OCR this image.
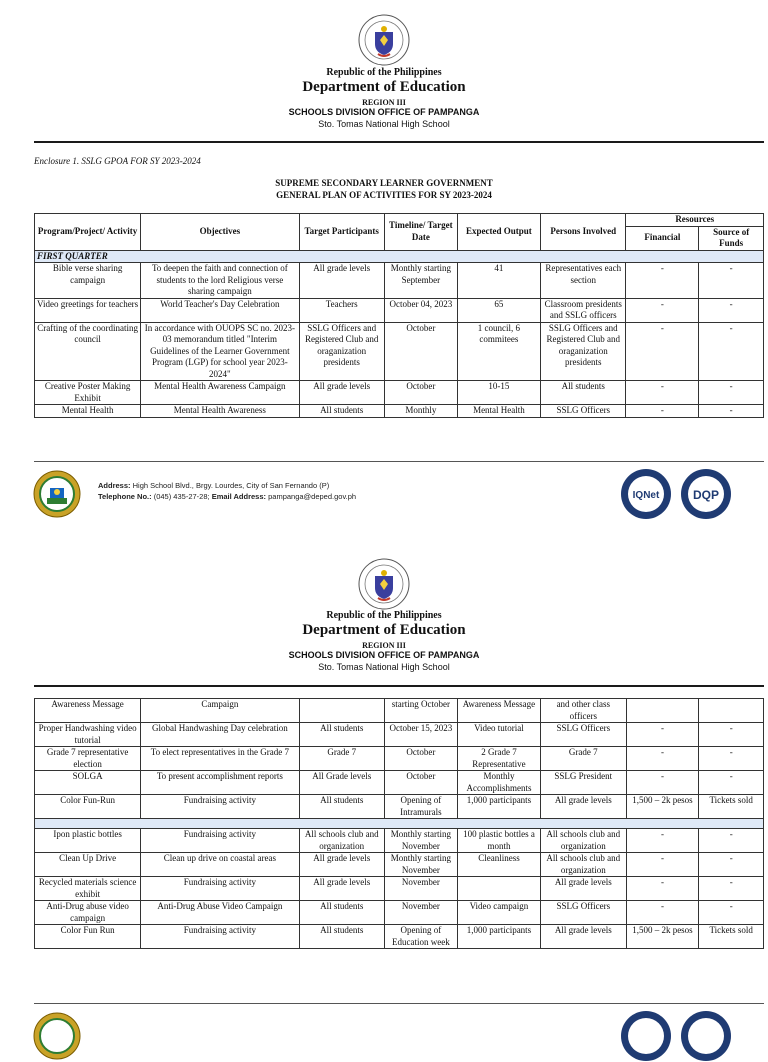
Republic of the Philippines
Department of Education
REGION III
SCHOOLS DIVISION OFFICE OF PAMPANGA
Sto. Tomas National High School
Enclosure 1. SSLG GPOA FOR SY 2023-2024
SUPREME SECONDARY LEARNER GOVERNMENT
GENERAL PLAN OF ACTIVITIES FOR SY 2023-2024
Program/Project/ Activity	Objectives	Target Participants	Timeline/ Target Date	Expected Output	Persons Involved	Resources	
						Financial	Source of Funds
FIRST QUARTER							
Bible verse sharing campaign	To deepen the faith and connection of students to the lord Religious verse sharing campaign	All grade levels	Monthly starting September	41	Representatives each section	-	-
Video greetings for teachers	World Teacher's Day Celebration	Teachers	October 04, 2023	65	Classroom presidents and SSLG officers	-	-
Crafting of the coordinating council	In accordance with OUOPS SC no. 2023-03 memorandum titled "Interim Guidelines of the Learner Government Program (LGP) for school year 2023-2024"	SSLG Officers and Registered Club and oraganization presidents	October	1 council, 6 commitees	SSLG Officers and Registered Club and oraganization presidents	-	-
Creative Poster Making Exhibit	Mental Health Awareness Campaign	All grade levels	October	10-15	All students	-	-
Mental Health	Mental Health Awareness	All students	Monthly	Mental Health	SSLG Officers	-	-
Address: High School Blvd., Brgy. Lourdes, City of San Fernando (P)
Telephone No.: (045) 435-27-28; Email Address: pampanga@deped.gov.ph	IQNet	DQP
Republic of the Philippines
Department of Education
REGION III
SCHOOLS DIVISION OFFICE OF PAMPANGA
Sto. Tomas National High School
Awareness Message	Campaign		starting October	Awareness Message	and other class officers		
Proper Handwashing video tutorial	Global Handwashing Day celebration	All students	October 15, 2023	Video tutorial	SSLG Officers	-	-
Grade 7 representative election	To elect representatives in the Grade 7	Grade 7	October	2 Grade 7 Representative	Grade 7	-	-
SOLGA	To present accomplishment reports	All Grade levels	October	Monthly Accomplishments	SSLG President	-	-
Color Fun-Run	Fundraising activity	All students	Opening of Intramurals	1,000 participants	All grade levels	1,500 – 2k pesos	Tickets sold

Ipon plastic bottles	Fundraising activity	All schools club and organization	Monthly starting November	100 plastic bottles a month	All schools club and organization	-	-
Clean Up Drive	Clean up drive on coastal areas	All grade levels	Monthly starting November	Cleanliness	All schools club and organization	-	-
Recycled materials science exhibit	Fundraising activity	All grade levels	November		All grade levels	-	-
Anti-Drug abuse video campaign	Anti-Drug Abuse Video Campaign	All students	November	Video campaign	SSLG Officers	-	-
Color Fun Run	Fundraising activity	All students	Opening of Education week	1,000 participants	All grade levels	1,500 – 2k pesos	Tickets sold
